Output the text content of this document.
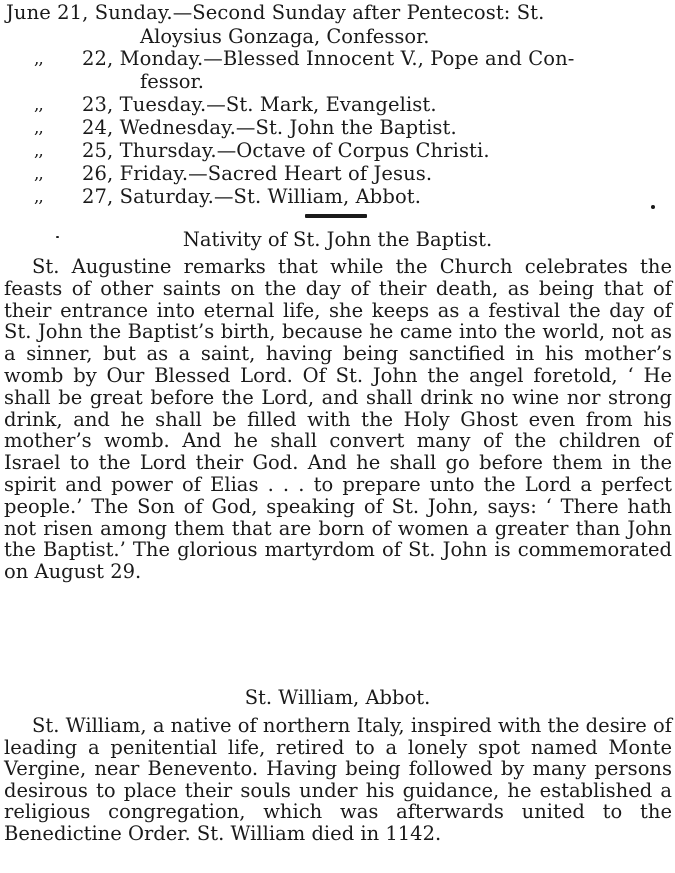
June 21, Sunday.—Second Sunday after Pentecost: St.
Aloysius Gonzaga, Confessor.
,,	22, Monday.—Blessed Innocent V., Pope and Con-
fessor.
,,	23, Tuesday.—St. Mark, Evangelist.
,,	24, Wednesday.—St. John the Baptist.
,,	25, Thursday.—Octave of Corpus Christi.
,,	26, Friday.—Sacred Heart of Jesus.
,,	27, Saturday.—St. William, Abbot.
Nativity of St. John the Baptist.
St. Augustine remarks that while the Church celebrates the feasts of other saints on the day of their death, as being that of their entrance into eternal life, she keeps as a festival the day of St. John the Baptist’s birth, because he came into the world, not as a sinner, but as a saint, having being sanctified in his mother’s womb by Our Blessed Lord. Of St. John the angel foretold, ‘ He shall be great before the Lord, and shall drink no wine nor strong drink, and he shall be filled with the Holy Ghost even from his mother’s womb. And he shall convert many of the children of Israel to the Lord their God. And he shall go before them in the spirit and power of Elias . . . to prepare unto the Lord a perfect people.’ The Son of God, speaking of St. John, says: ‘ There hath not risen among them that are born of women a greater than John the Baptist.’ The glorious martyrdom of St. John is commemorated on August 29.
St. William, Abbot.
St. William, a native of northern Italy, inspired with the desire of leading a penitential life, retired to a lonely spot named Monte Vergine, near Benevento. Having being followed by many persons desirous to place their souls under his guidance, he established a religious congregation, which was afterwards united to the Benedictine Order. St. William died in 1142.
